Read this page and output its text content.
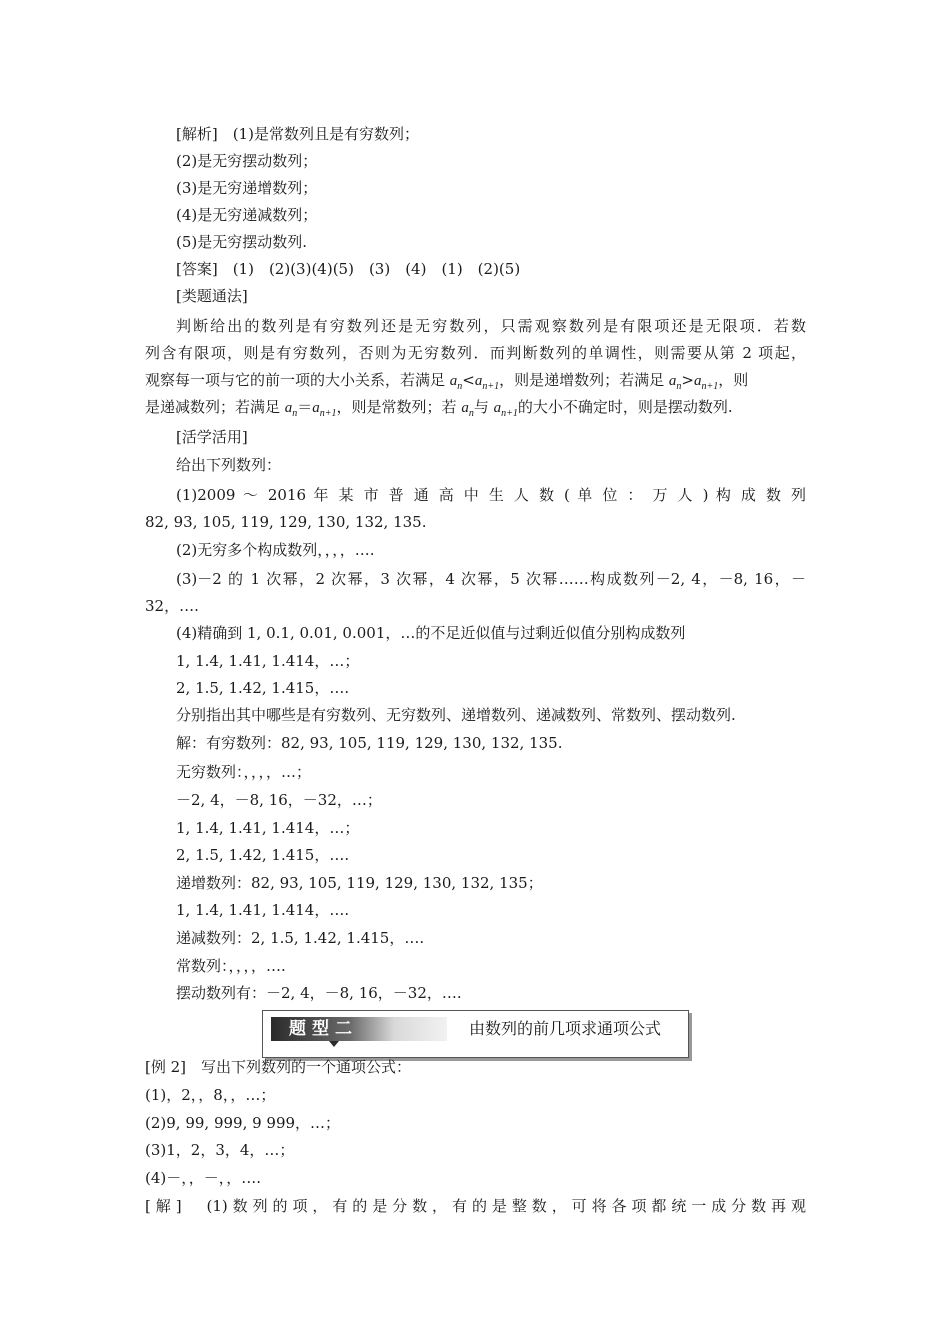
[解析]　(1)是常数列且是有穷数列；
(2)是无穷摆动数列；
(3)是无穷递增数列；
(4)是无穷递减数列；
(5)是无穷摆动数列.
[答案]　(1)　(2)(3)(4)(5)　(3)　(4)　(1)　(2)(5)
[类题通法]
判断给出的数列是有穷数列还是无穷数列，只需观察数列是有限项还是无限项．若数
列含有限项，则是有穷数列，否则为无穷数列．而判断数列的单调性，则需要从第 2 项起，
观察每一项与它的前一项的大小关系，若满足 $a_n<a_{n+1}$，则是递增数列；若满足 $a_n>a_{n+1}$，则
是递减数列；若满足 $a_n=a_{n+1}$，则是常数列；若 $a_n$与 $a_{n+1}$的大小不确定时，则是摆动数列.
[活学活用]
给出下列数列：
(1)2009 ～ 2016 年 某 市 普 通 高 中 生 人 数 ( 单 位 ： 万 人 ) 构 成 数 列
82, 93, 105, 119, 129, 130, 132, 135.
(2)无穷多个构成数列，，，，….
(3)－2 的 1 次幂，2 次幂，3 次幂，4 次幂，5 次幂……构成数列－2, 4，－8, 16，－
32，….
(4)精确到 1, 0.1, 0.01, 0.001，…的不足近似值与过剩近似值分别构成数列
1, 1.4, 1.41, 1.414，…；
2, 1.5, 1.42, 1.415，….
分别指出其中哪些是有穷数列、无穷数列、递增数列、递减数列、常数列、摆动数列.
解：有穷数列：82, 93, 105, 119, 129, 130, 132, 135.
无穷数列：，，，，…；
－2, 4，－8, 16，－32，…；
1, 1.4, 1.41, 1.414，…；
2, 1.5, 1.42, 1.415，….
递增数列：82, 93, 105, 119, 129, 130, 132, 135；
1, 1.4, 1.41, 1.414，….
递减数列：2, 1.5, 1.42, 1.415，….
常数列：，，，，….
摆动数列有：－2, 4，－8, 16，－32，….
题型二	由数列的前几项求通项公式
[例 2]　写出下列数列的一个通项公式：
(1)，2，，8，，…；
(2)9, 99, 999, 9 999，…；
(3)1，2，3，4，…；
(4)－，，－，，….
[解]　(1)数列的项，有的是分数，有的是整数，可将各项都统一成分数再观
